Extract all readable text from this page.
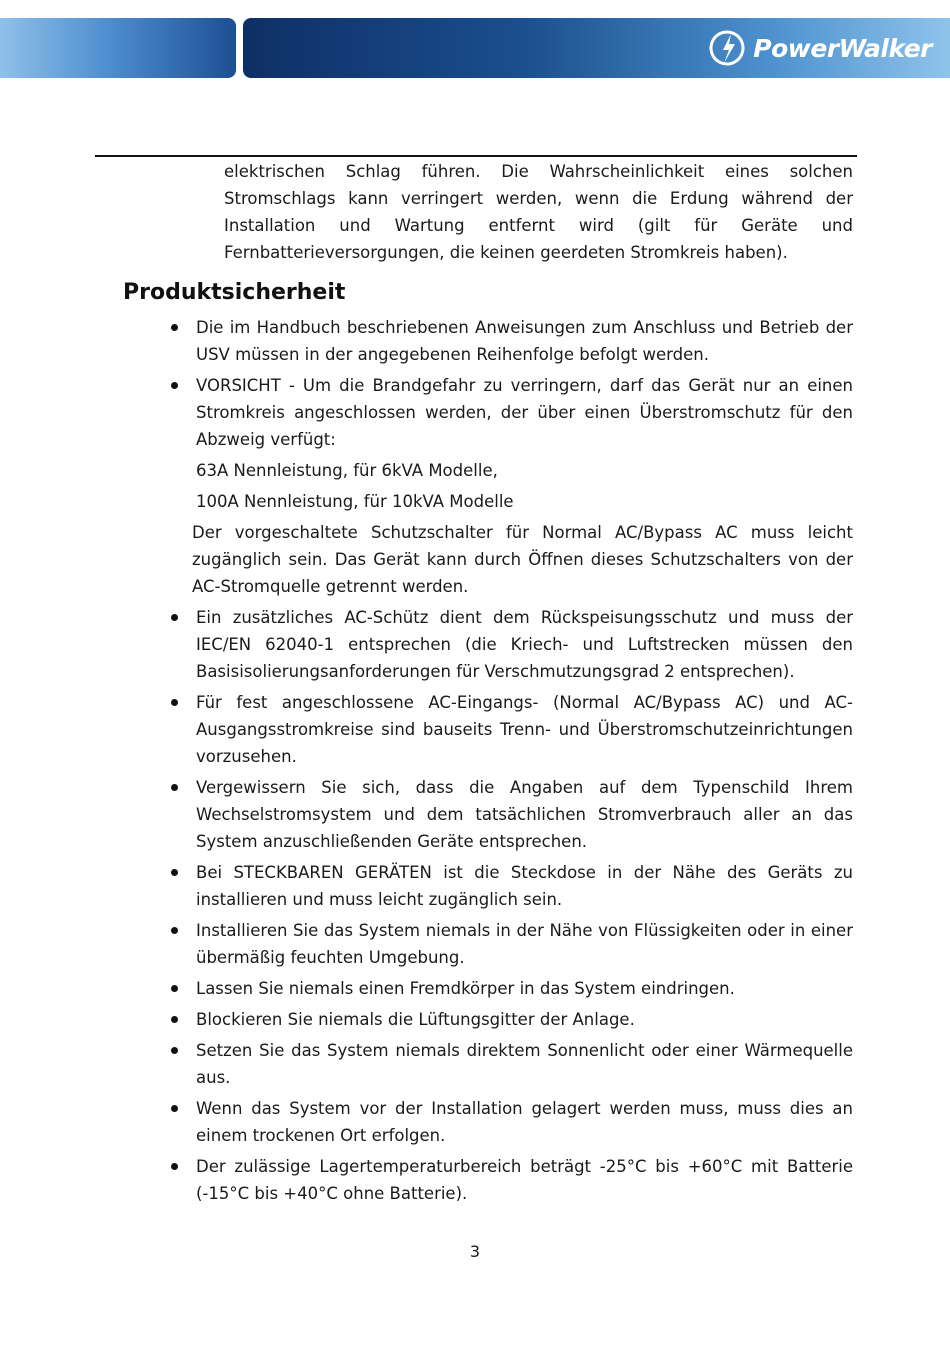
PowerWalker

elektrischen Schlag führen. Die Wahrscheinlichkeit eines solchen Stromschlags kann verringert werden, wenn die Erdung während der Installation und Wartung entfernt wird (gilt für Geräte und Fernbatterieversorgungen, die keinen geerdeten Stromkreis haben).

Produktsicherheit
Die im Handbuch beschriebenen Anweisungen zum Anschluss und Betrieb der USV müssen in der angegebenen Reihenfolge befolgt werden.
VORSICHT - Um die Brandgefahr zu verringern, darf das Gerät nur an einen Stromkreis angeschlossen werden, der über einen Überstromschutz für den Abzweig verfügt:
63A Nennleistung, für 6kVA Modelle,
100A Nennleistung, für 10kVA Modelle
Der vorgeschaltete Schutzschalter für Normal AC/Bypass AC muss leicht zugänglich sein. Das Gerät kann durch Öffnen dieses Schutzschalters von der AC-Stromquelle getrennt werden.
Ein zusätzliches AC-Schütz dient dem Rückspeisungsschutz und muss der IEC/EN 62040-1 entsprechen (die Kriech- und Luftstrecken müssen den Basisisolierungsanforderungen für Verschmutzungsgrad 2 entsprechen).
Für fest angeschlossene AC-Eingangs- (Normal AC/Bypass AC) und AC-Ausgangsstromkreise sind bauseits Trenn- und Überstromschutzeinrichtungen vorzusehen.
Vergewissern Sie sich, dass die Angaben auf dem Typenschild Ihrem Wechselstromsystem und dem tatsächlichen Stromverbrauch aller an das System anzuschließenden Geräte entsprechen.
Bei STECKBAREN GERÄTEN ist die Steckdose in der Nähe des Geräts zu installieren und muss leicht zugänglich sein.
Installieren Sie das System niemals in der Nähe von Flüssigkeiten oder in einer übermäßig feuchten Umgebung.
Lassen Sie niemals einen Fremdkörper in das System eindringen.
Blockieren Sie niemals die Lüftungsgitter der Anlage.
Setzen Sie das System niemals direktem Sonnenlicht oder einer Wärmequelle aus.
Wenn das System vor der Installation gelagert werden muss, muss dies an einem trockenen Ort erfolgen.
Der zulässige Lagertemperaturbereich beträgt -25°C bis +60°C mit Batterie (-15°C bis +40°C ohne Batterie).
3
